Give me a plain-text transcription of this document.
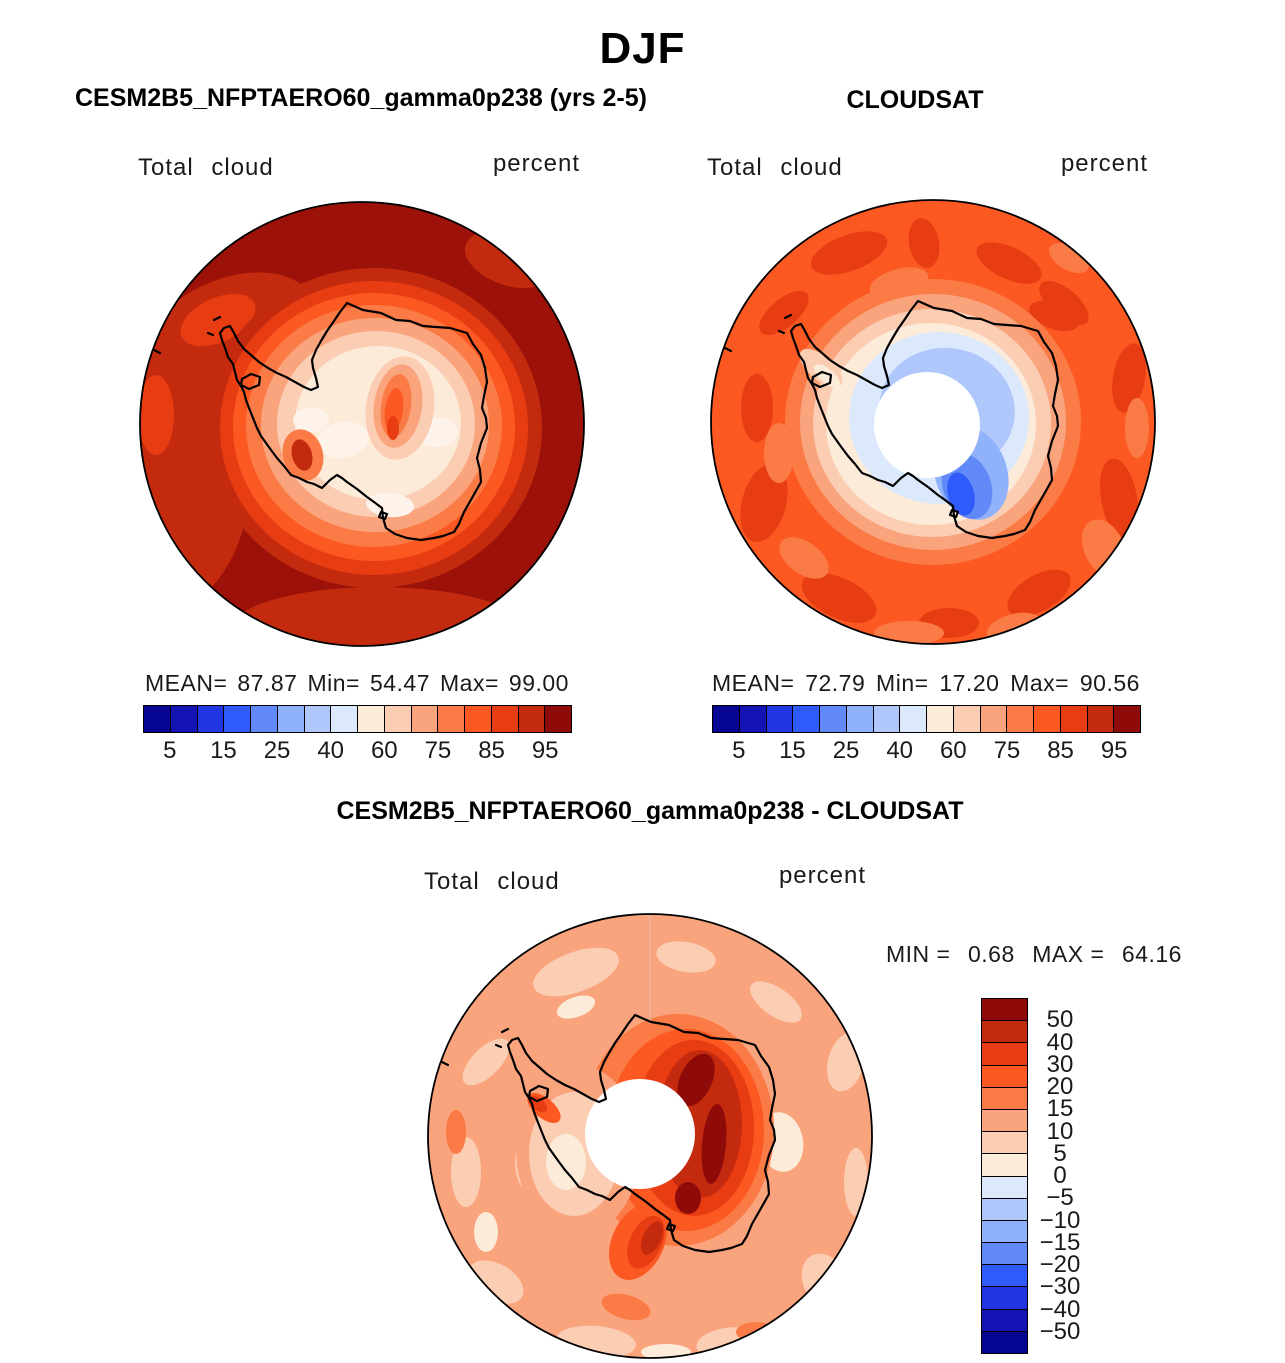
DJF
CESM2B5_NFPTAERO60_gamma0p238 (yrs 2-5)	CLOUDSAT
Total cloud	percent	Total cloud	percent
MEAN= 87.87 Min= 54.47 Max= 99.00
5 15 25 40 60 75 85 95
MEAN= 72.79 Min= 17.20 Max= 90.56
5 15 25 40 60 75 85 95
CESM2B5_NFPTAERO60_gamma0p238 - CLOUDSAT
Total cloud	percent
MIN = 0.68 MAX = 64.16
50
40
30
20
15
10
5
0
−5
−10
−15
−20
−30
−40
−50
